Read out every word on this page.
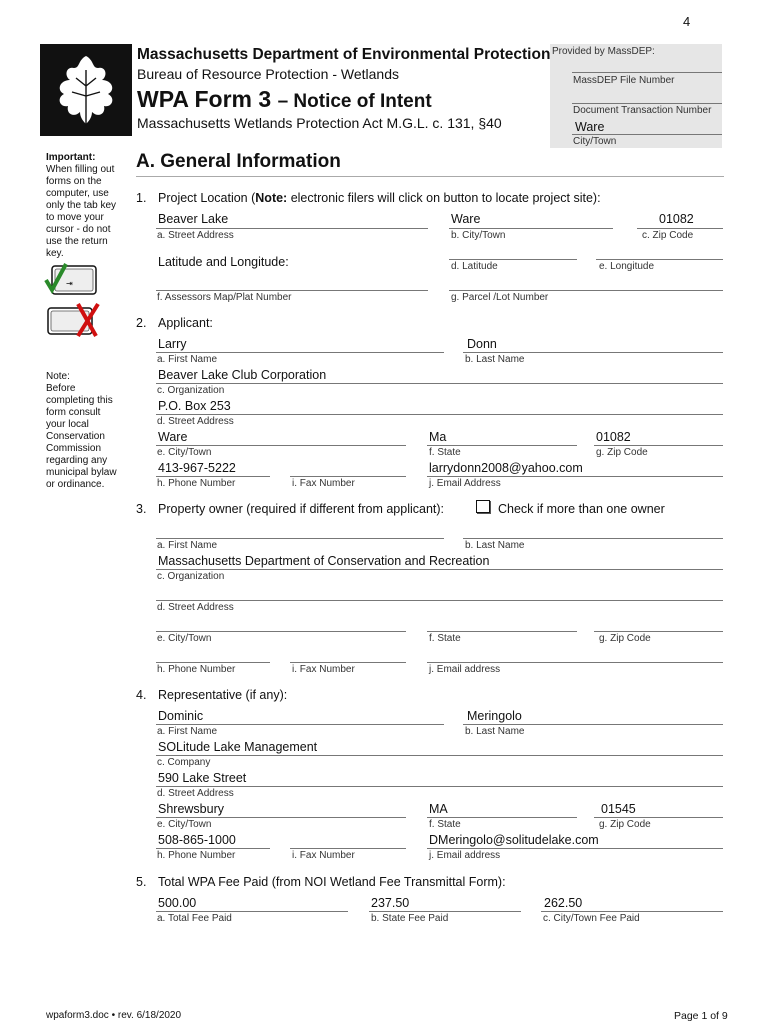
4
Massachusetts Department of Environmental Protection
Bureau of Resource Protection - Wetlands
WPA Form 3 – Notice of Intent
Massachusetts Wetlands Protection Act M.G.L. c. 131, §40
Provided by MassDEP:
MassDEP File Number
Document Transaction Number
Ware
City/Town
Important:
When filling out forms on the computer, use only the tab key to move your cursor - do not use the return key.
⇥
Note:
Before completing this form consult your local Conservation Commission regarding any municipal bylaw or ordinance.
A. General Information
1. Project Location (Note: electronic filers will click on button to locate project site):
Beaver Lake
a. Street Address
Ware
b. City/Town
01082
c. Zip Code
Latitude and Longitude:	d. Latitude	e. Longitude
f. Assessors Map/Plat Number	g. Parcel /Lot Number
2. Applicant:
Larry
a. First Name
Donn
b. Last Name
Beaver Lake Club Corporation
c. Organization
P.O. Box 253
d. Street Address
Ware
e. City/Town
Ma
f. State
01082
g. Zip Code
413-967-5222
h. Phone Number	i. Fax Number
larrydonn2008@yahoo.com
j. Email Address
3. Property owner (required if different from applicant):	Check if more than one owner
a. First Name	b. Last Name
Massachusetts Department of Conservation and Recreation
c. Organization
d. Street Address
e. City/Town	f. State	g. Zip Code
h. Phone Number	i. Fax Number	j. Email address
4. Representative (if any):
Dominic
a. First Name
Meringolo
b. Last Name
SOLitude Lake Management
c. Company
590 Lake Street
d. Street Address
Shrewsbury
e. City/Town
MA
f. State
01545
g. Zip Code
508-865-1000
h. Phone Number	i. Fax Number
DMeringolo@solitudelake.com
j. Email address
5. Total WPA Fee Paid (from NOI Wetland Fee Transmittal Form):
500.00
a. Total Fee Paid
237.50
b. State Fee Paid
262.50
c. City/Town Fee Paid
wpaform3.doc • rev. 6/18/2020	Page 1 of 9
